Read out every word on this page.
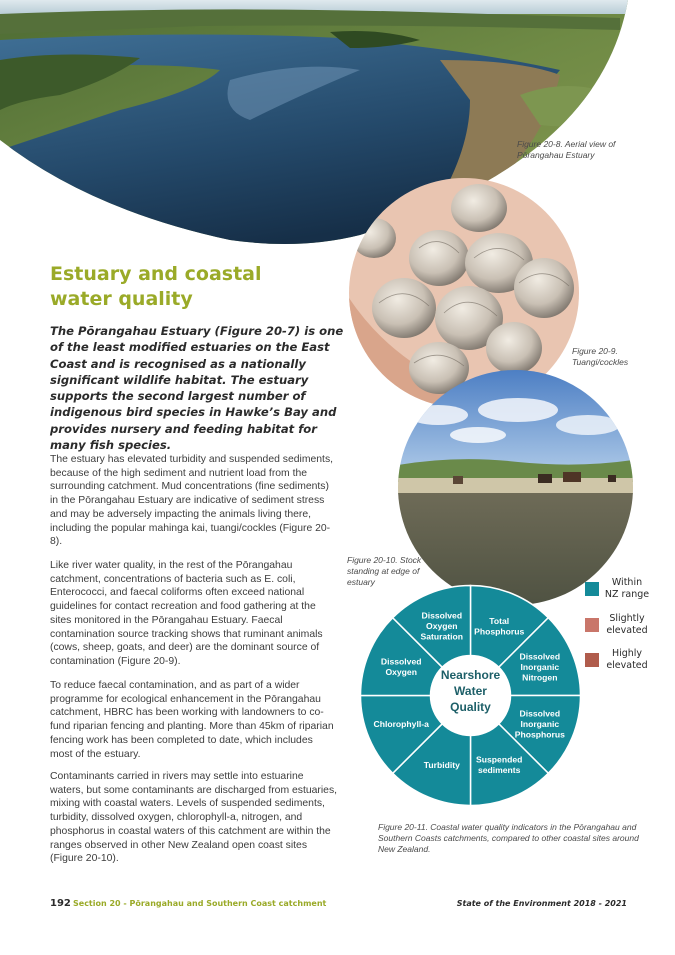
Figure 20-8. Aerial view of Pōrangahau Estuary
Figure 20-9. Tuangi/cockles
Figure 20-10. Stock standing at edge of estuary
Estuary and coastal
water quality

The Pōrangahau Estuary (Figure 20-7) is one of the least modified estuaries on the East Coast and is recognised as a nationally significant wildlife habitat. The estuary supports the second largest number of indigenous bird species in Hawke’s Bay and provides nursery and feeding habitat for many fish species.

The estuary has elevated turbidity and suspended sediments, because of the high sediment and nutrient load from the surrounding catchment. Mud concentrations (fine sediments) in the Pōrangahau Estuary are indicative of sediment stress and may be adversely impacting the animals living there, including the popular mahinga kai, tuangi/cockles (Figure 20-8).

Like river water quality, in the rest of the Pōrangahau catchment, concentrations of bacteria such as E. coli, Enterococci, and faecal coliforms often exceed national guidelines for contact recreation and food gathering at the sites monitored in the Pōrangahau Estuary. Faecal contamination source tracking shows that ruminant animals (cows, sheep, goats, and deer) are the dominant source of contamination (Figure 20-9).

To reduce faecal contamination, and as part of a wider programme for ecological enhancement in the Pōrangahau catchment, HBRC has been working with landowners to co-fund riparian fencing and planting. More than 45km of riparian fencing work has been completed to date, which includes most of the estuary.

Contaminants carried in rivers may settle into estuarine waters, but some contaminants are discharged from estuaries, mixing with coastal waters. Levels of suspended sediments, turbidity, dissolved oxygen, chlorophyll-a, nitrogen, and phosphorus in coastal waters of this catchment are within the ranges observed in other New Zealand open coast sites (Figure 20-10).

Nearshore
Water
Quality
Total
Phosphorus
Dissolved
Inorganic
Nitrogen
Dissolved
Inorganic
Phosphorus
Suspended
sediments
Turbidity
Chlorophyll-a
Dissolved
Oxygen
Dissolved
Oxygen
Saturation
Within
NZ range
Slightly
elevated
Highly
elevated
Figure 20-11. Coastal water quality indicators in the Pōrangahau and Southern Coasts catchments, compared to other coastal sites around New Zealand.
192 Section 20 - Pōrangahau and Southern Coast catchment	State of the Environment 2018 - 2021
